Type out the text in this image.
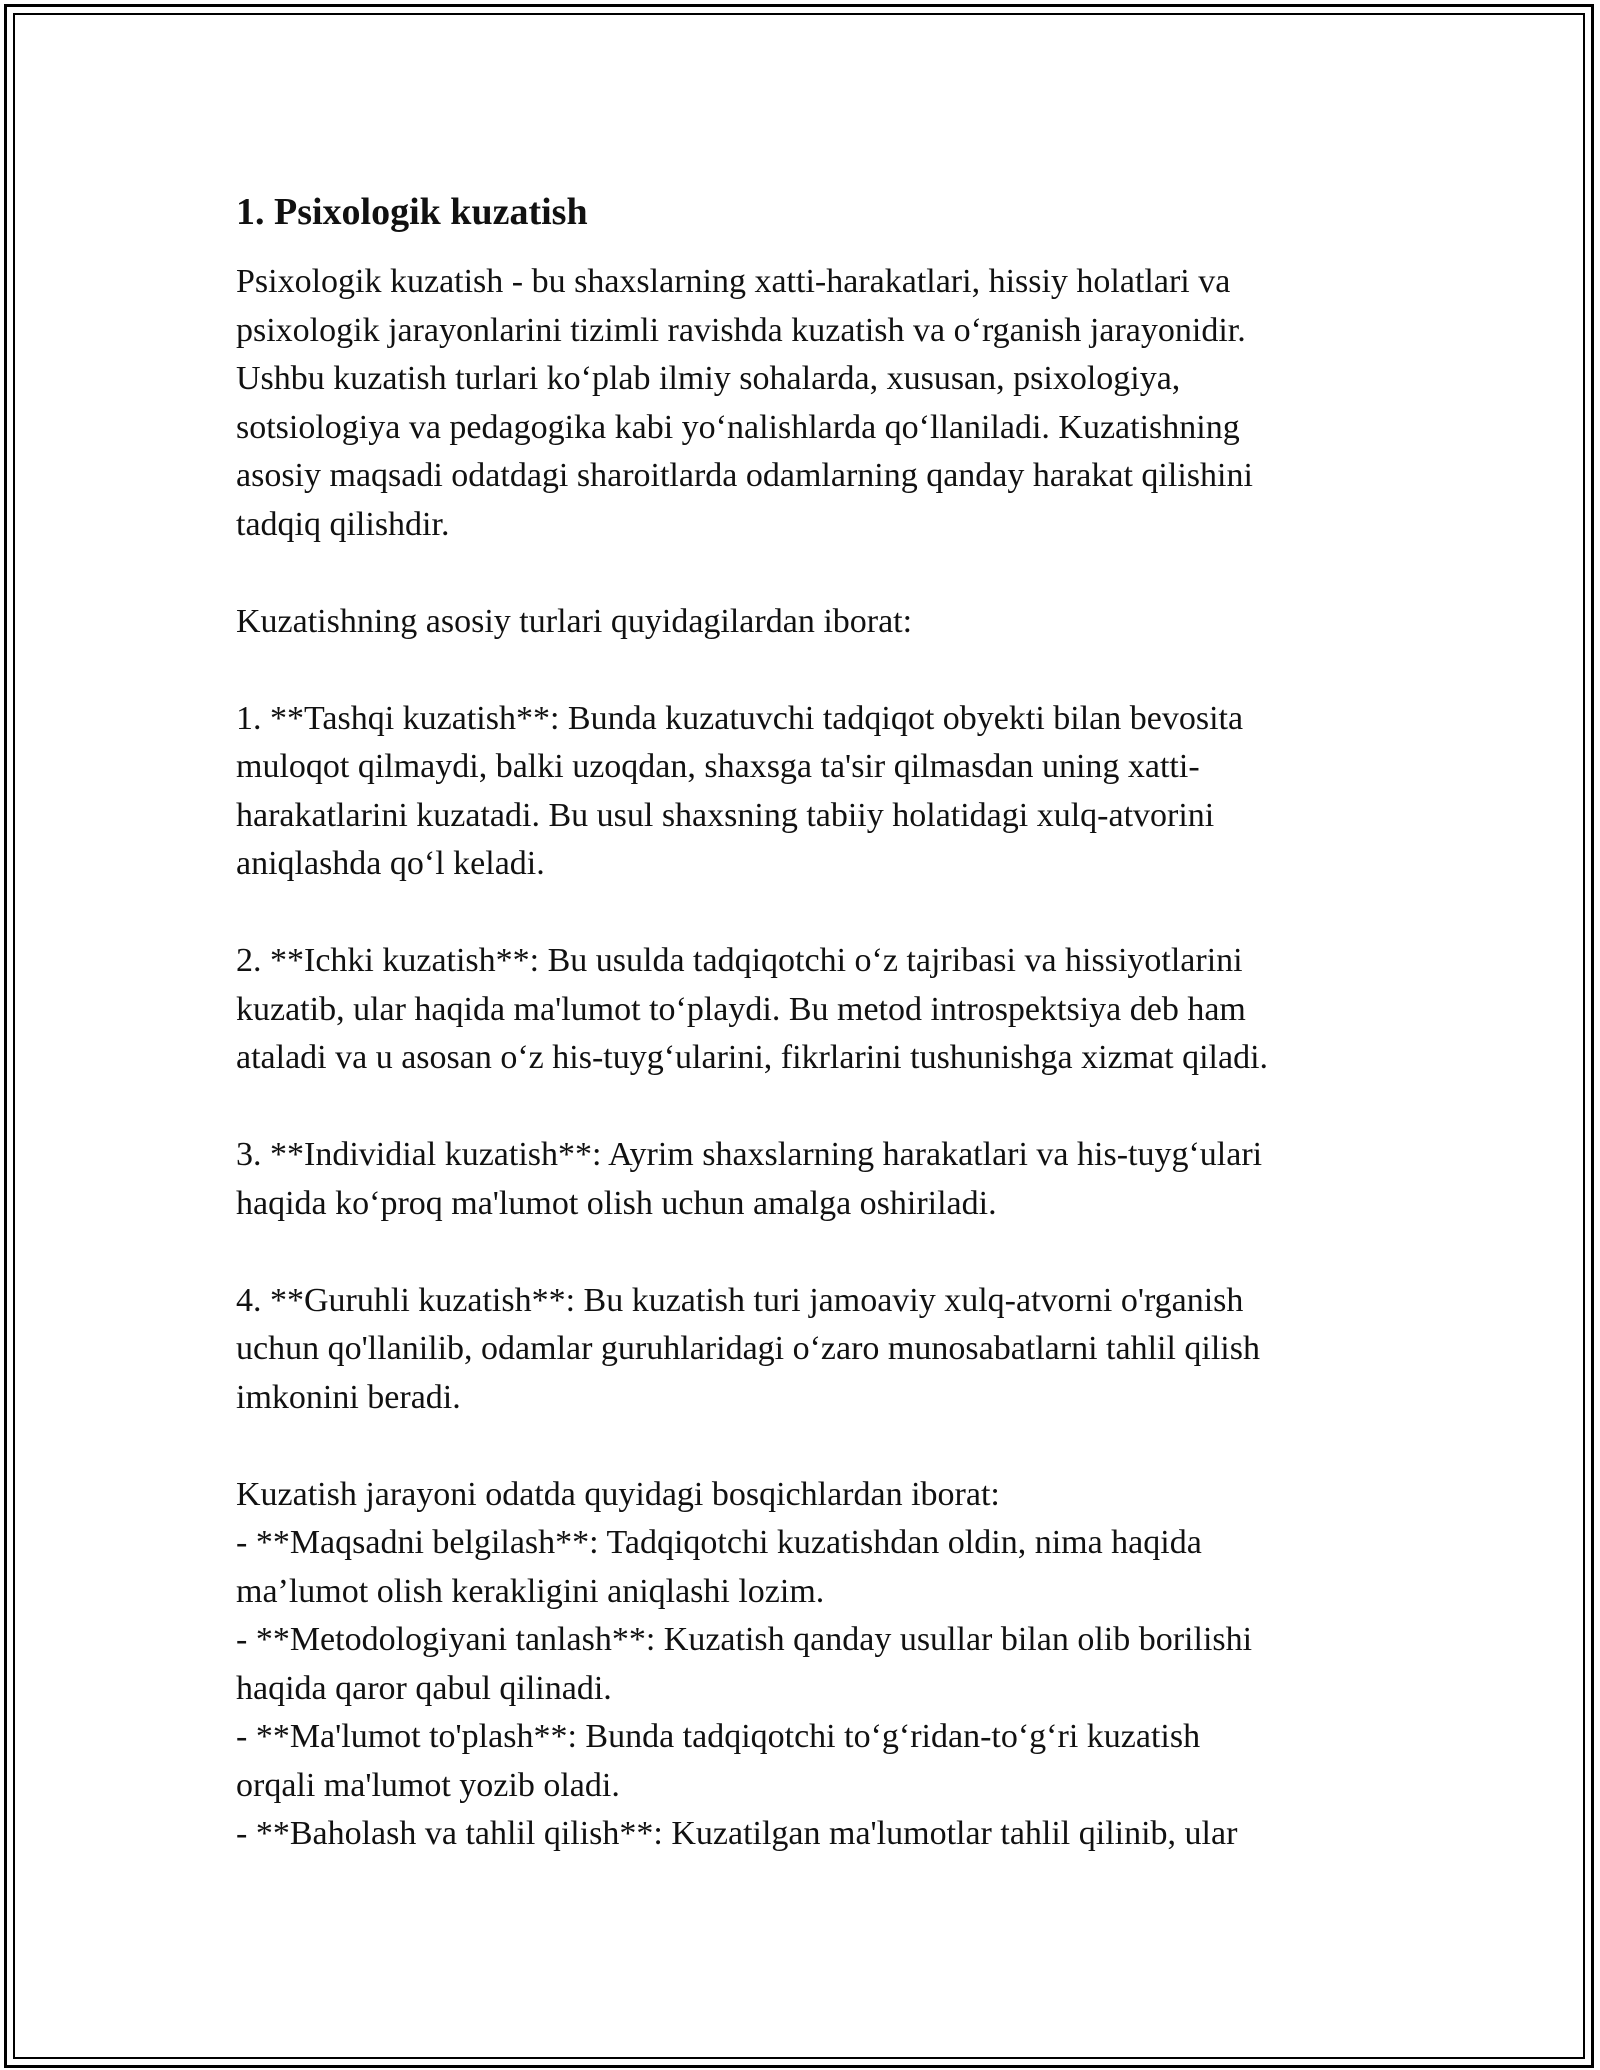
1. Psixologik kuzatish

Psixologik kuzatish - bu shaxslarning xatti-harakatlari, hissiy holatlari va
psixologik jarayonlarini tizimli ravishda kuzatish va oʻrganish jarayonidir.
Ushbu kuzatish turlari koʻplab ilmiy sohalarda, xususan, psixologiya,
sotsiologiya va pedagogika kabi yoʻnalishlarda qoʻllaniladi. Kuzatishning
asosiy maqsadi odatdagi sharoitlarda odamlarning qanday harakat qilishini
tadqiq qilishdir.

Kuzatishning asosiy turlari quyidagilardan iborat:

1. **Tashqi kuzatish**: Bunda kuzatuvchi tadqiqot obyekti bilan bevosita
muloqot qilmaydi, balki uzoqdan, shaxsga ta'sir qilmasdan uning xatti-
harakatlarini kuzatadi. Bu usul shaxsning tabiiy holatidagi xulq-atvorini
aniqlashda qoʻl keladi.

2. **Ichki kuzatish**: Bu usulda tadqiqotchi oʻz tajribasi va hissiyotlarini
kuzatib, ular haqida ma'lumot toʻplaydi. Bu metod introspektsiya deb ham
ataladi va u asosan oʻz his-tuygʻularini, fikrlarini tushunishga xizmat qiladi.

3. **Individial kuzatish**: Ayrim shaxslarning harakatlari va his-tuygʻulari
haqida koʻproq ma'lumot olish uchun amalga oshiriladi.

4. **Guruhli kuzatish**: Bu kuzatish turi jamoaviy xulq-atvorni o'rganish
uchun qo'llanilib, odamlar guruhlaridagi oʻzaro munosabatlarni tahlil qilish
imkonini beradi.

Kuzatish jarayoni odatda quyidagi bosqichlardan iborat:
- **Maqsadni belgilash**: Tadqiqotchi kuzatishdan oldin, nima haqida
ma’lumot olish kerakligini aniqlashi lozim.
- **Metodologiyani tanlash**: Kuzatish qanday usullar bilan olib borilishi
haqida qaror qabul qilinadi.
- **Ma'lumot to'plash**: Bunda tadqiqotchi toʻgʻridan-toʻgʻri kuzatish
orqali ma'lumot yozib oladi.
- **Baholash va tahlil qilish**: Kuzatilgan ma'lumotlar tahlil qilinib, ular
